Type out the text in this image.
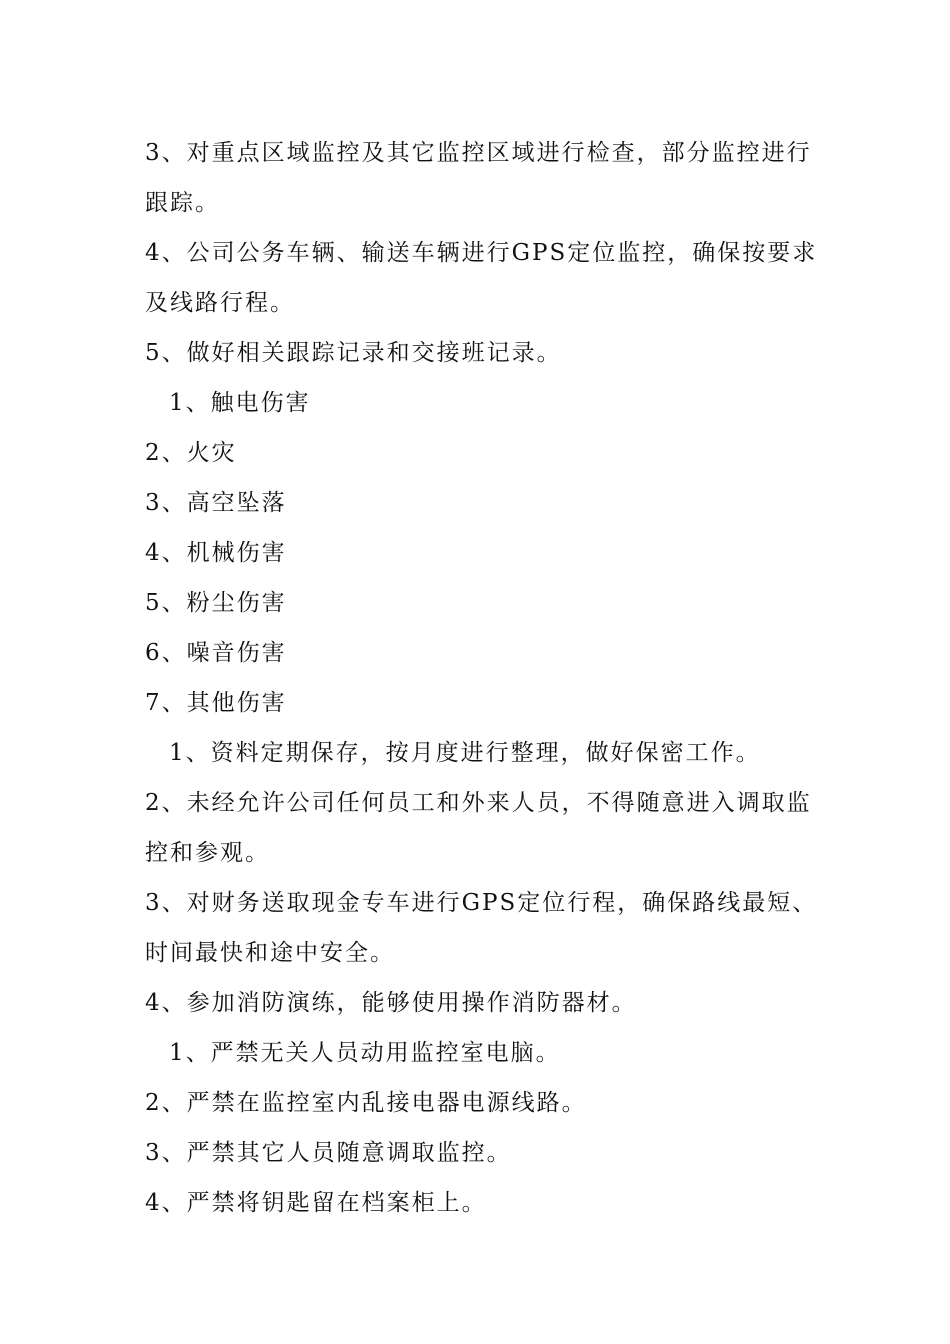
3、对重点区域监控及其它监控区域进行检查，部分监控进行跟踪。

4、公司公务车辆、输送车辆进行GPS定位监控，确保按要求及线路行程。

5、做好相关跟踪记录和交接班记录。

1、触电伤害

2、火灾

3、高空坠落

4、机械伤害

5、粉尘伤害

6、噪音伤害

7、其他伤害

1、资料定期保存，按月度进行整理，做好保密工作。

2、未经允许公司任何员工和外来人员，不得随意进入调取监控和参观。

3、对财务送取现金专车进行GPS定位行程，确保路线最短、时间最快和途中安全。

4、参加消防演练，能够使用操作消防器材。

1、严禁无关人员动用监控室电脑。

2、严禁在监控室内乱接电器电源线路。

3、严禁其它人员随意调取监控。

4、严禁将钥匙留在档案柜上。
